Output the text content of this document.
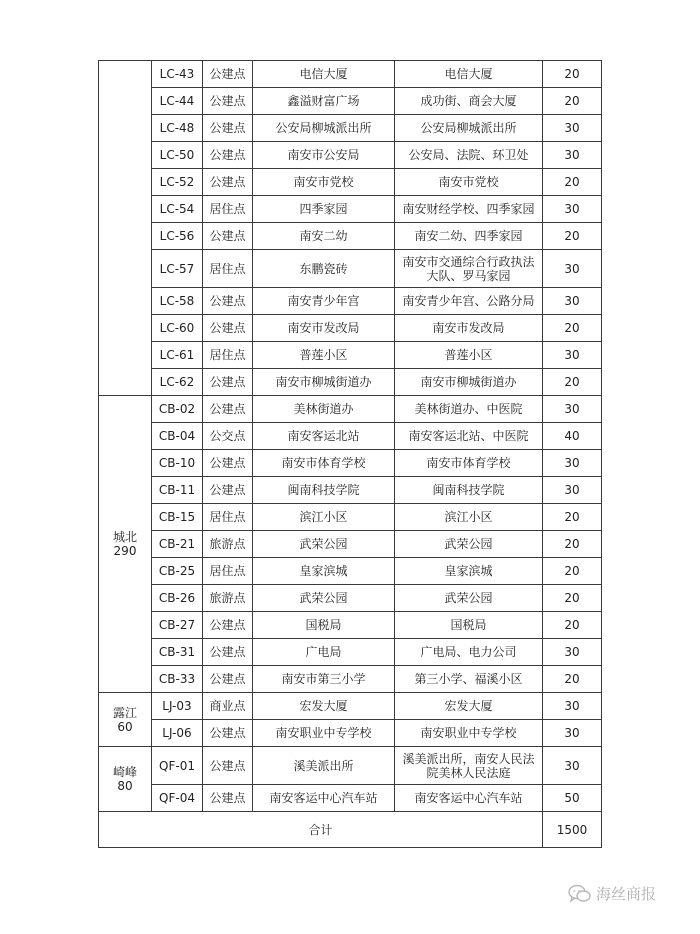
	LC-43	公建点	电信大厦	电信大厦	20
	LC-44	公建点	鑫溢财富广场	成功街、商会大厦	20
	LC-48	公建点	公安局柳城派出所	公安局柳城派出所	30
	LC-50	公建点	南安市公安局	公安局、法院、环卫处	30
	LC-52	公建点	南安市党校	南安市党校	20
	LC-54	居住点	四季家园	南安财经学校、四季家园	30
	LC-56	公建点	南安二幼	南安二幼、四季家园	20
	LC-57	居住点	东鹏瓷砖	南安市交通综合行政执法大队、罗马家园	30
	LC-58	公建点	南安青少年宫	南安青少年宫、公路分局	30
	LC-60	公建点	南安市发改局	南安市发改局	20
	LC-61	居住点	普莲小区	普莲小区	30
	LC-62	公建点	南安市柳城街道办	南安市柳城街道办	20
城北
290	CB-02	公建点	美林街道办	美林街道办、中医院	30
	CB-04	公交点	南安客运北站	南安客运北站、中医院	40
	CB-10	公建点	南安市体育学校	南安市体育学校	30
	CB-11	公建点	闽南科技学院	闽南科技学院	30
	CB-15	居住点	滨江小区	滨江小区	20
	CB-21	旅游点	武荣公园	武荣公园	20
	CB-25	居住点	皇家滨城	皇家滨城	20
	CB-26	旅游点	武荣公园	武荣公园	20
	CB-27	公建点	国税局	国税局	20
	CB-31	公建点	广电局	广电局、电力公司	30
	CB-33	公建点	南安市第三小学	第三小学、福溪小区	20
露江
60	LJ-03	商业点	宏发大厦	宏发大厦	30
	LJ-06	公建点	南安职业中专学校	南安职业中专学校	30
崎峰
80	QF-01	公建点	溪美派出所	溪美派出所，南安人民法院美林人民法庭	30
	QF-04	公建点	南安客运中心汽车站	南安客运中心汽车站	50
合计					1500
海丝商报
